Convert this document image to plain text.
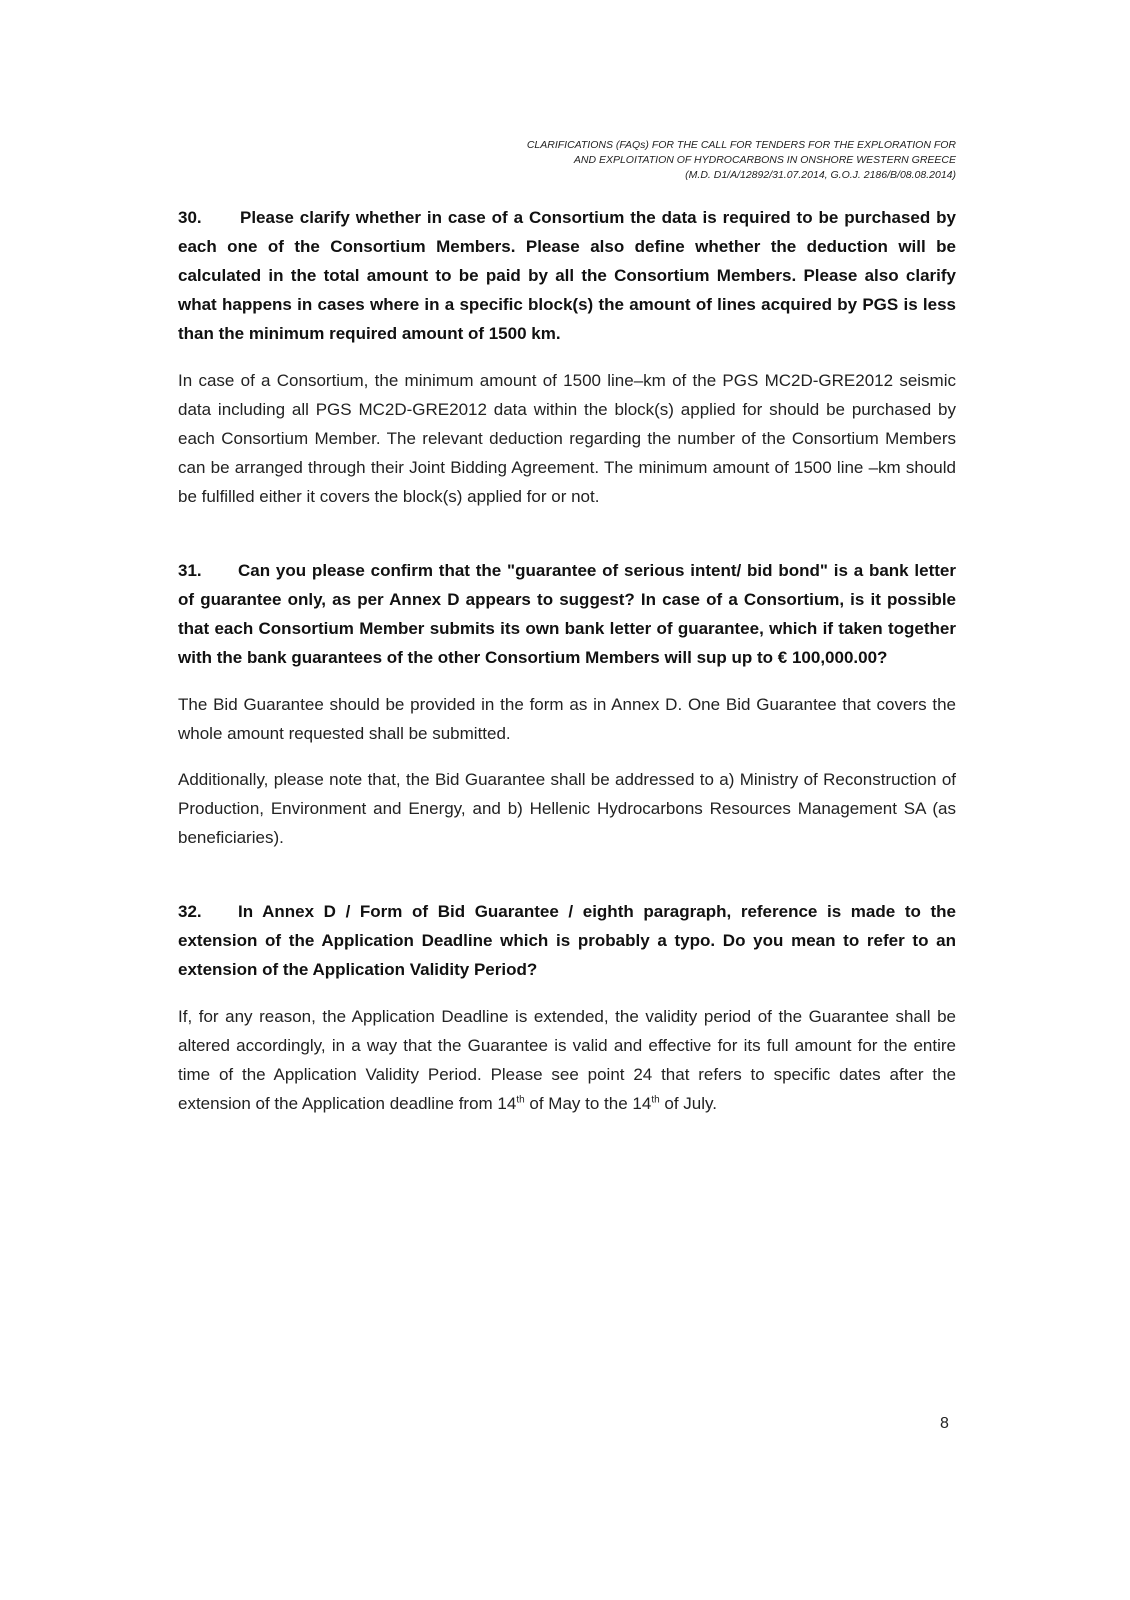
CLARIFICATIONS (FAQs) FOR THE CALL FOR TENDERS FOR THE EXPLORATION FOR
AND EXPLOITATION OF HYDROCARBONS IN ONSHORE WESTERN GREECE
(M.D. D1/A/12892/31.07.2014, G.O.J. 2186/B/08.08.2014)

30. Please clarify whether in case of a Consortium the data is required to be purchased by each one of the Consortium Members. Please also define whether the deduction will be calculated in the total amount to be paid by all the Consortium Members. Please also clarify what happens in cases where in a specific block(s) the amount of lines acquired by PGS is less than the minimum required amount of 1500 km.

In case of a Consortium, the minimum amount of 1500 line–km of the PGS MC2D-GRE2012 seismic data including all PGS MC2D-GRE2012 data within the block(s) applied for should be purchased by each Consortium Member. The relevant deduction regarding the number of the Consortium Members can be arranged through their Joint Bidding Agreement. The minimum amount of 1500 line –km should be fulfilled either it covers the block(s) applied for or not.

31. Can you please confirm that the "guarantee of serious intent/ bid bond" is a bank letter of guarantee only, as per Annex D appears to suggest? In case of a Consortium, is it possible that each Consortium Member submits its own bank letter of guarantee, which if taken together with the bank guarantees of the other Consortium Members will sup up to € 100,000.00?

The Bid Guarantee should be provided in the form as in Annex D. One Bid Guarantee that covers the whole amount requested shall be submitted.

Additionally, please note that, the Bid Guarantee shall be addressed to a) Ministry of Reconstruction of Production, Environment and Energy, and b) Hellenic Hydrocarbons Resources Management SA (as beneficiaries).

32. In Annex D / Form of Bid Guarantee / eighth paragraph, reference is made to the extension of the Application Deadline which is probably a typo. Do you mean to refer to an extension of the Application Validity Period?

If, for any reason, the Application Deadline is extended, the validity period of the Guarantee shall be altered accordingly, in a way that the Guarantee is valid and effective for its full amount for the entire time of the Application Validity Period. Please see point 24 that refers to specific dates after the extension of the Application deadline from 14th of May to the 14th of July.

8
